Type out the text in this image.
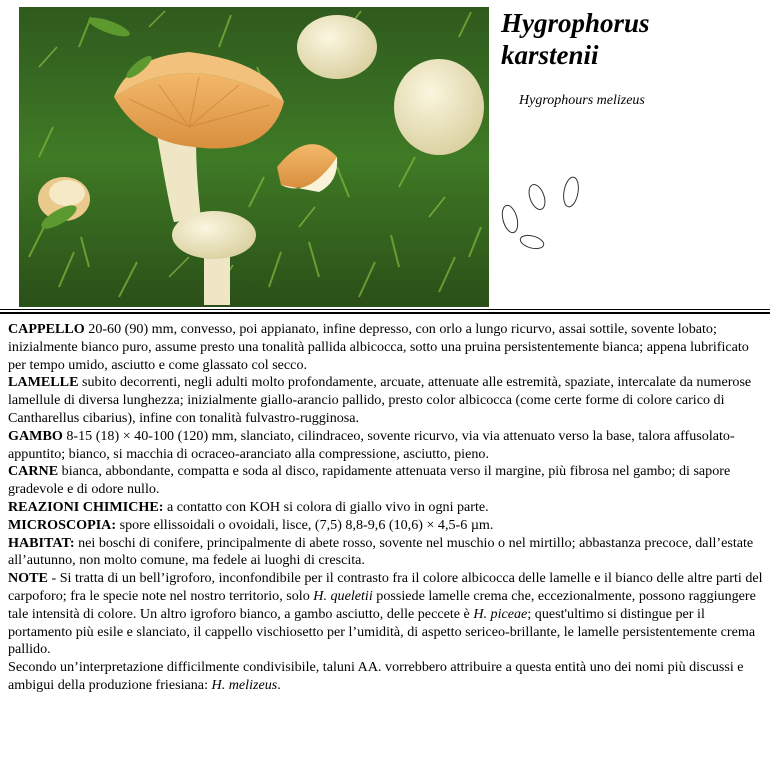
Hygrophorus
karstenii
Hygrophours melizeus

CAPPELLO 20-60 (90) mm, convesso, poi appianato, infine depresso, con orlo a lungo ricurvo, assai sottile, sovente lobato; inizialmente bianco puro, assume presto una tonalità pallida albicocca, sotto una pruina persistentemente bianca; appena lubrificato per tempo umido, asciutto e come glassato col secco.

LAMELLE subito decorrenti, negli adulti molto profondamente, arcuate, attenuate alle estremità, spaziate, intercalate da numerose lamellule di diversa lunghezza; inizialmente giallo-arancio pallido, presto color albicocca (come certe forme di colore carico di Cantharellus cibarius), infine con tonalità fulvastro-rugginosa.

GAMBO 8-15 (18) × 40-100 (120) mm, slanciato, cilindraceo, sovente ricurvo, via via attenuato verso la base, talora affusolato-appuntito; bianco, si macchia di ocraceo-aranciato alla compressione, asciutto, pieno.

CARNE bianca, abbondante, compatta e soda al disco, rapidamente attenuata verso il margine, più fibrosa nel gambo; di sapore gradevole e di odore nullo.

REAZIONI CHIMICHE: a contatto con KOH si colora di giallo vivo in ogni parte.

MICROSCOPIA: spore ellissoidali o ovoidali, lisce, (7,5) 8,8-9,6 (10,6) × 4,5-6 µm.

HABITAT: nei boschi di conifere, principalmente di abete rosso, sovente nel muschio o nel mirtillo; abbastanza precoce, dall’estate all’autunno, non molto comune, ma fedele ai luoghi di crescita.

NOTE - Si tratta di un bell’igroforo, inconfondibile per il contrasto fra il colore albicocca delle lamelle e il bianco delle altre parti del carpoforo; fra le specie note nel nostro territorio, solo H. queletii possiede lamelle crema che, eccezionalmente, possono raggiungere tale intensità di colore. Un altro igroforo bianco, a gambo asciutto, delle peccete è H. piceae; quest'ultimo si distingue per il portamento più esile e slanciato, il cappello vischiosetto per l’umidità, di aspetto sericeo-brillante, le lamelle persistentemente crema pallido.

Secondo un’interpretazione difficilmente condivisibile, taluni AA. vorrebbero attribuire a questa entità uno dei nomi più discussi e ambigui della produzione friesiana: H. melizeus.
